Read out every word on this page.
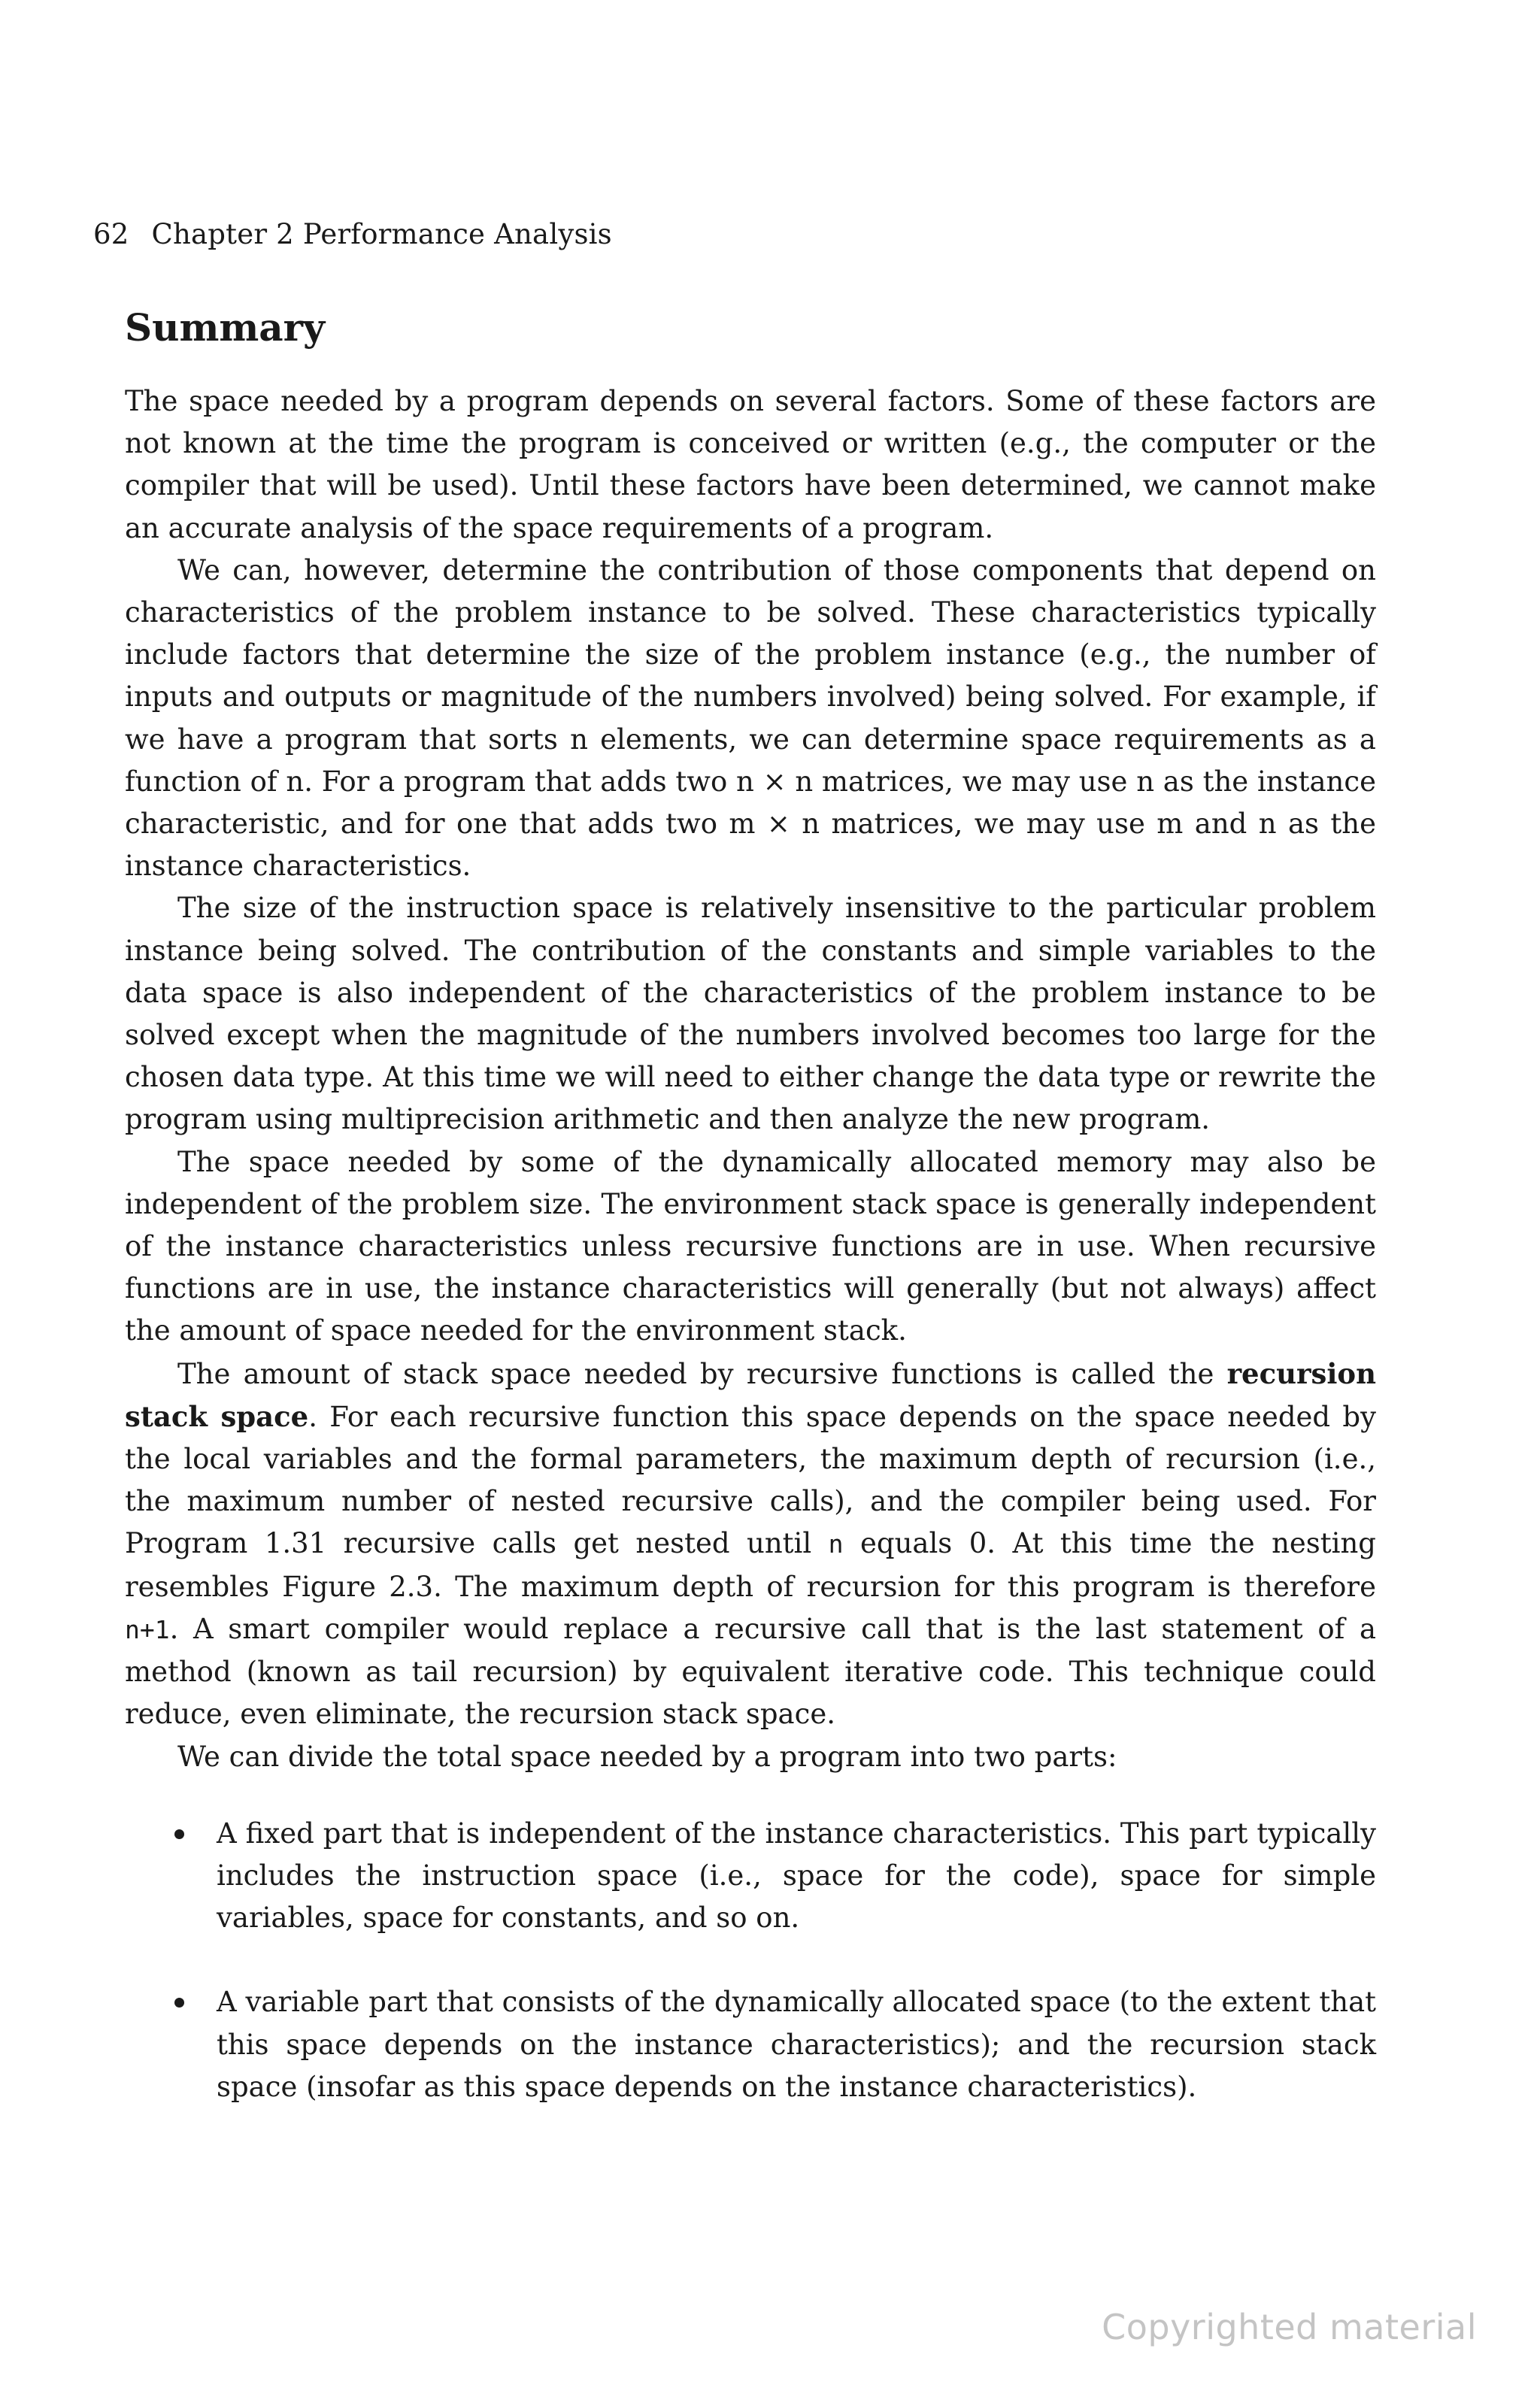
62 Chapter 2 Performance Analysis
Summary

The space needed by a program depends on several factors. Some of these factors are not known at the time the program is conceived or written (e.g., the computer or the compiler that will be used). Until these factors have been determined, we cannot make an accurate analysis of the space requirements of a program.

We can, however, determine the contribution of those components that depend on characteristics of the problem instance to be solved. These characteristics typically include factors that determine the size of the problem instance (e.g., the number of inputs and outputs or magnitude of the numbers involved) being solved. For example, if we have a program that sorts n elements, we can determine space requirements as a function of n. For a program that adds two n × n matrices, we may use n as the instance characteristic, and for one that adds two m × n matrices, we may use m and n as the instance characteristics.

The size of the instruction space is relatively insensitive to the particular problem instance being solved. The contribution of the constants and simple variables to the data space is also independent of the characteristics of the problem instance to be solved except when the magnitude of the numbers involved becomes too large for the chosen data type. At this time we will need to either change the data type or rewrite the program using multiprecision arithmetic and then analyze the new program.

The space needed by some of the dynamically allocated memory may also be independent of the problem size. The environment stack space is generally independent of the instance characteristics unless recursive functions are in use. When recursive functions are in use, the instance characteristics will generally (but not always) affect the amount of space needed for the environment stack.

The amount of stack space needed by recursive functions is called the recursion stack space. For each recursive function this space depends on the space needed by the local variables and the formal parameters, the maximum depth of recursion (i.e., the maximum number of nested recursive calls), and the compiler being used. For Program 1.31 recursive calls get nested until n equals 0. At this time the nesting resembles Figure 2.3. The maximum depth of recursion for this program is therefore n+1. A smart compiler would replace a recursive call that is the last statement of a method (known as tail recursion) by equivalent iterative code. This technique could reduce, even eliminate, the recursion stack space.

We can divide the total space needed by a program into two parts:

A fixed part that is independent of the instance characteristics. This part typically includes the instruction space (i.e., space for the code), space for simple variables, space for constants, and so on.
A variable part that consists of the dynamically allocated space (to the extent that this space depends on the instance characteristics); and the recursion stack space (insofar as this space depends on the instance characteristics).
Copyrighted material
